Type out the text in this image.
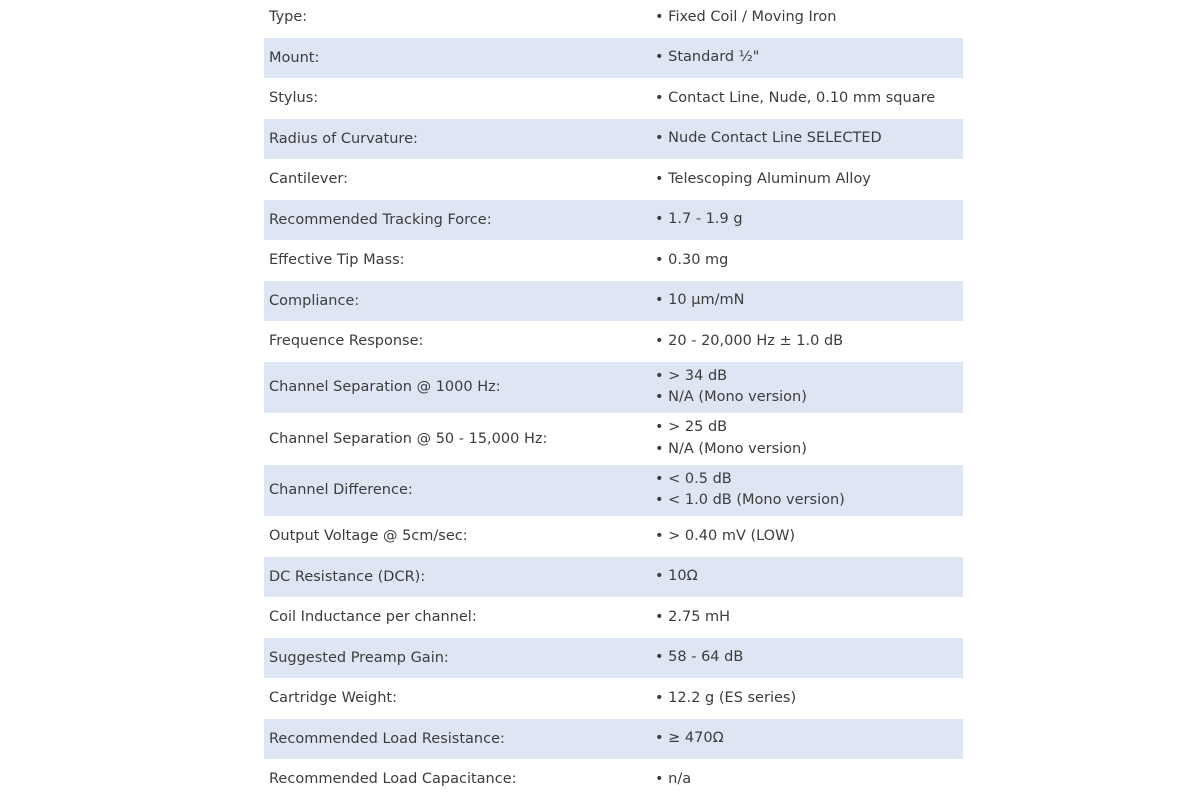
Type:	• Fixed Coil / Moving Iron
Mount:	• Standard ½"
Stylus:	• Contact Line, Nude, 0.10 mm square
Radius of Curvature:	• Nude Contact Line SELECTED
Cantilever:	• Telescoping Aluminum Alloy
Recommended Tracking Force:	• 1.7 - 1.9 g
Effective Tip Mass:	• 0.30 mg
Compliance:	• 10 μm/mN
Frequence Response:	• 20 - 20,000 Hz ± 1.0 dB
Channel Separation @ 1000 Hz:
• > 34 dB
• N/A (Mono version)
Channel Separation @ 50 - 15,000 Hz:
• > 25 dB
• N/A (Mono version)
Channel Difference:
• < 0.5 dB
• < 1.0 dB (Mono version)
Output Voltage @ 5cm/sec:	• > 0.40 mV (LOW)
DC Resistance (DCR):	• 10Ω
Coil Inductance per channel:	• 2.75 mH
Suggested Preamp Gain:	• 58 - 64 dB
Cartridge Weight:	• 12.2 g (ES series)
Recommended Load Resistance:	• ≥ 470Ω
Recommended Load Capacitance:	• n/a
